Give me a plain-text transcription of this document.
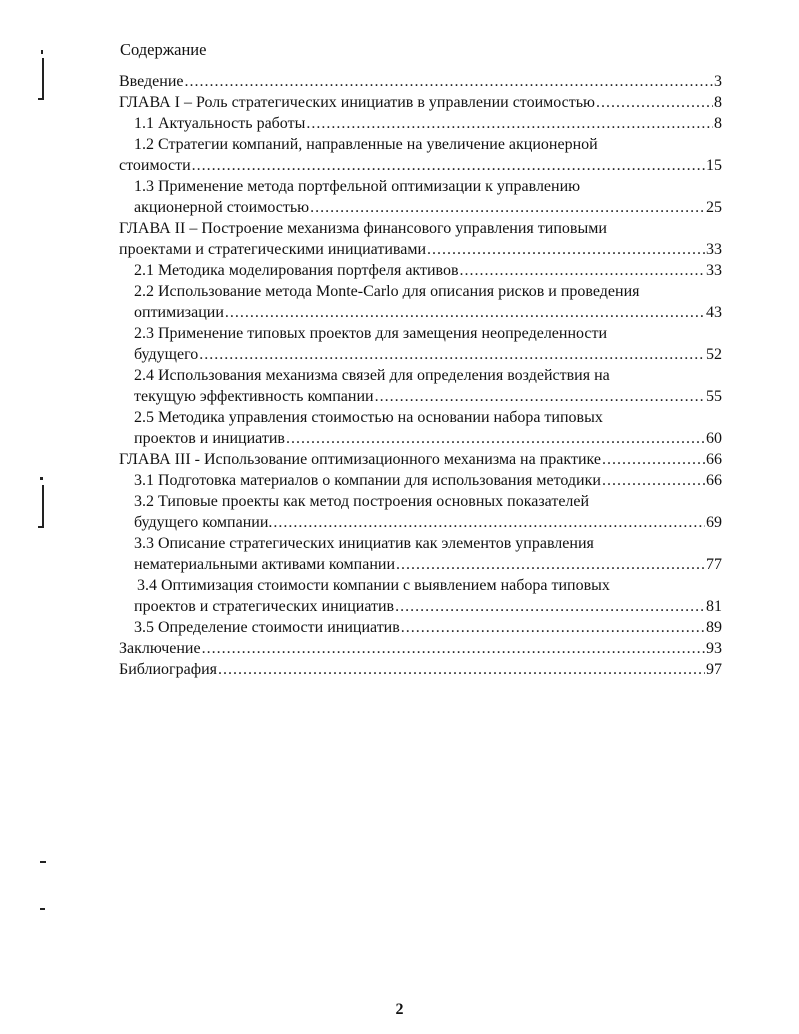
Содержание
Введение .....	3
ГЛАВА I – Роль стратегических инициатив в управлении стоимостью .....	8
1.1 Актуальность работы .....	8
1.2 Стратегии компаний, направленные на увеличение акционерной
стоимости .....	15
1.3 Применение метода портфельной оптимизации к управлению
акционерной стоимостью .....	25
ГЛАВА II – Построение механизма финансового управления типовыми
проектами и стратегическими инициативами .....	33
2.1 Методика моделирования портфеля активов .....	33
2.2 Использование метода Monte-Carlo для описания рисков и проведения
оптимизации .....	43
2.3 Применение типовых проектов для замещения неопределенности
будущего .....	52
2.4 Использования механизма связей для определения воздействия на
текущую эффективность компании .....	55
2.5 Методика управления стоимостью на основании набора типовых
проектов и инициатив .....	60
ГЛАВА III - Использование оптимизационного механизма на практике .....	66
3.1 Подготовка материалов о компании для использования методики .....	66
3.2 Типовые проекты как метод построения основных показателей
будущего компании. .....	69
3.3 Описание стратегических инициатив как элементов управления
нематериальными активами компании .....	77
3.4 Оптимизация стоимости компании с выявлением набора типовых
проектов и стратегических инициатив .....	81
3.5 Определение стоимости инициатив .....	89
Заключение .....	93
Библиография .....	97
2
